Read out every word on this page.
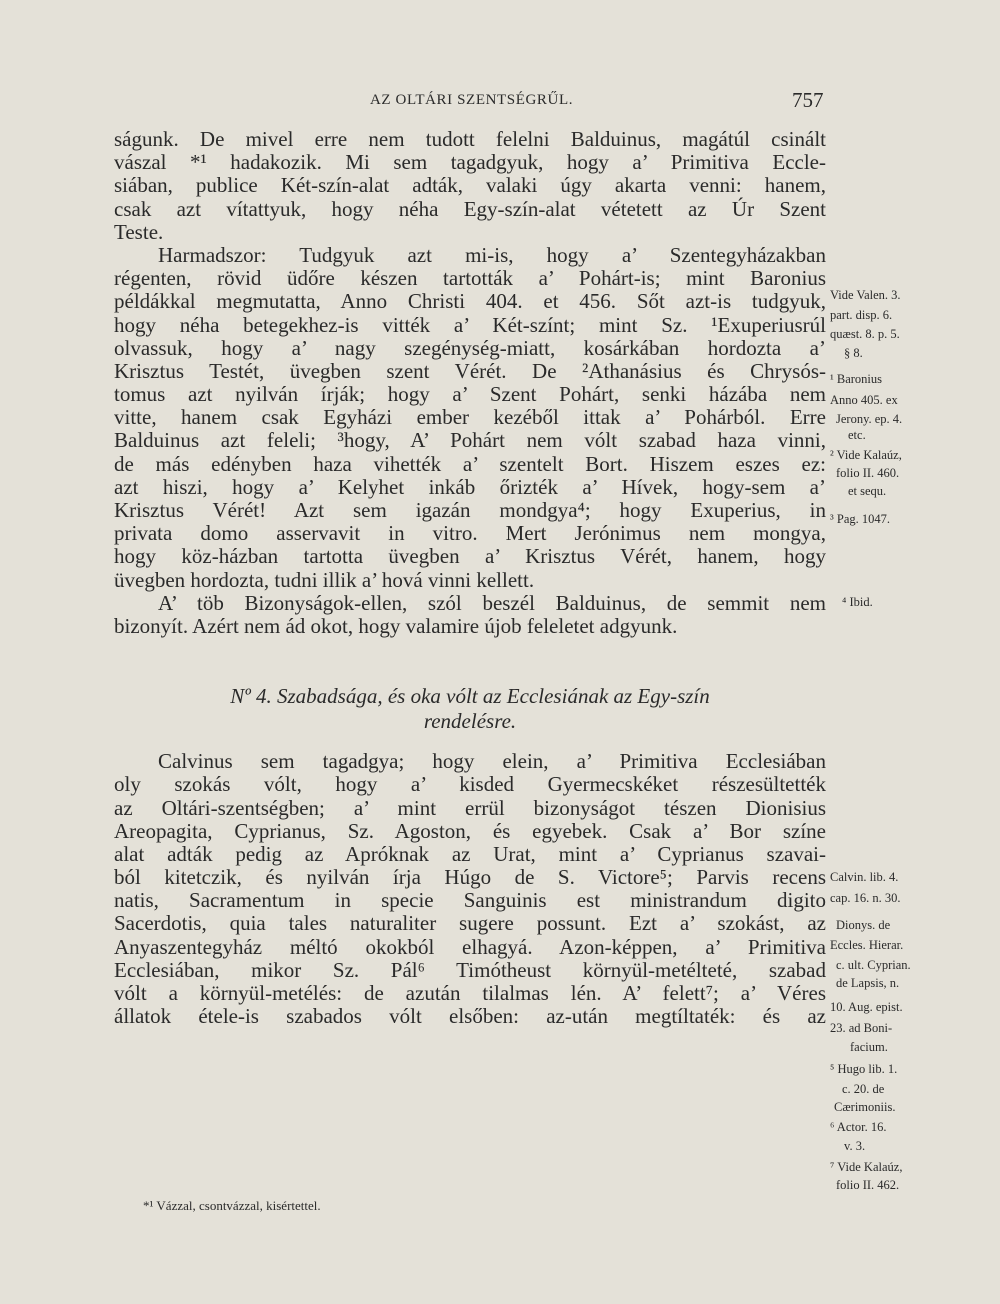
AZ OLTÁRI SZENTSÉGRŰL.	757
ságunk. De mivel erre nem tudott felelni Balduinus, magátúl csinált
vászal *¹ hadakozik. Mi sem tagadgyuk, hogy a’ Primitiva Eccle-
siában, publice Két-szín-alat adták, valaki úgy akarta venni: hanem,
csak azt vítattyuk, hogy néha Egy-szín-alat vétetett az Úr Szent
Teste.
Harmadszor: Tudgyuk azt mi-is, hogy a’ Szentegyházakban
régenten, rövid üdőre készen tartották a’ Pohárt-is; mint Baronius
példákkal megmutatta, Anno Christi 404. et 456. Sőt azt-is tudgyuk,
hogy néha betegekhez-is vitték a’ Két-színt; mint Sz. ¹Exuperiusrúl
olvassuk, hogy a’ nagy szegénység-miatt, kosárkában hordozta a’
Krisztus Testét, üvegben szent Vérét. De ²Athanásius és Chrysós-
tomus azt nyilván írják; hogy a’ Szent Pohárt, senki házába nem
vitte, hanem csak Egyházi ember kezéből ittak a’ Pohárból. Erre
Balduinus azt feleli; ³hogy, A’ Pohárt nem vólt szabad haza vinni,
de más edényben haza vihették a’ szentelt Bort. Hiszem eszes ez:
azt hiszi, hogy a’ Kelyhet inkáb őrizték a’ Hívek, hogy-sem a’
Krisztus Vérét! Azt sem igazán mondgya⁴; hogy Exuperius, in
privata domo asservavit in vitro. Mert Jerónimus nem mongya,
hogy köz-házban tartotta üvegben a’ Krisztus Vérét, hanem, hogy
üvegben hordozta, tudni illik a’ hová vinni kellett.
A’ töb Bizonyságok-ellen, szól beszél Balduinus, de semmit nem
bizonyít. Azért nem ád okot, hogy valamire újob feleletet adgyunk.
Nº 4. Szabadsága, és oka vólt az Ecclesiának az Egy-szín
rendelésre.
Calvinus sem tagadgya; hogy elein, a’ Primitiva Ecclesiában
oly szokás vólt, hogy a’ kisded Gyermecskéket részesültették
az Oltári-szentségben; a’ mint errül bizonyságot tészen Dionisius
Areopagita, Cyprianus, Sz. Agoston, és egyebek. Csak a’ Bor színe
alat adták pedig az Apróknak az Urat, mint a’ Cyprianus szavai-
ból kitetczik, és nyilván írja Húgo de S. Victore⁵; Parvis recens
natis, Sacramentum in specie Sanguinis est ministrandum digito
Sacerdotis, quia tales naturaliter sugere possunt. Ezt a’ szokást, az
Anyaszentegyház méltó okokból elhagyá. Azon-képpen, a’ Primitiva
Ecclesiában, mikor Sz. Pál⁶ Timótheust környül-metélteté, szabad
vólt a környül-metélés: de azután tilalmas lén. A’ felett⁷; a’ Véres
állatok étele-is szabados vólt elsőben: az-után megtíltaték: és az
Vide Valen. 3.
part. disp. 6.
quæst. 8. p. 5.
§ 8.
¹ Baronius
Anno 405. ex
Jerony. ep. 4.
etc.
² Vide Kalaúz,
folio II. 460.
et sequ.
³ Pag. 1047.
⁴ Ibid.
Calvin. lib. 4.
cap. 16. n. 30.
Dionys. de
Eccles. Hierar.
c. ult. Cyprian.
de Lapsis, n.
10. Aug. epist.
23. ad Boni-
facium.
⁵ Hugo lib. 1.
c. 20. de
Cærimoniis.
⁶ Actor. 16.
v. 3.
⁷ Vide Kalaúz,
folio II. 462.
*¹ Vázzal, csontvázzal, kisértettel.
